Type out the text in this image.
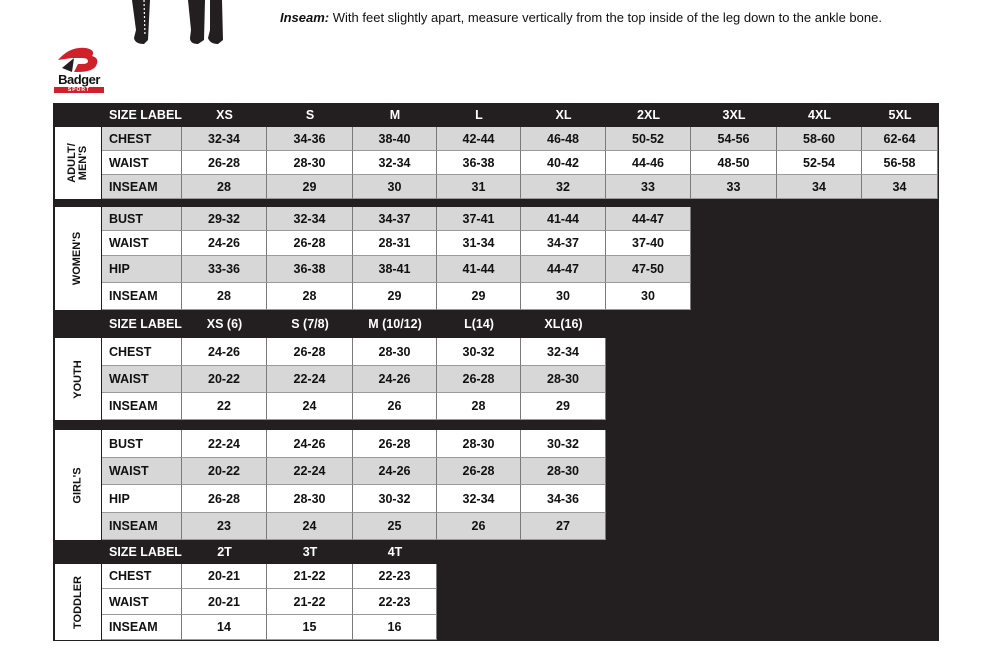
Inseam: With feet slightly apart, measure vertically from the top inside of the leg down to the ankle bone.
Badger
SPORT
SIZE LABEL	XS	S	M	L	XL	2XL	3XL	4XL	5XL
ADULT/
MEN'S
CHEST	32-34	34-36	38-40	42-44	46-48	50-52	54-56	58-60	62-64
WAIST	26-28	28-30	32-34	36-38	40-42	44-46	48-50	52-54	56-58
INSEAM	28	29	30	31	32	33	33	34	34
WOMEN'S
BUST	29-32	32-34	34-37	37-41	41-44	44-47
WAIST	24-26	26-28	28-31	31-34	34-37	37-40
HIP	33-36	36-38	38-41	41-44	44-47	47-50
INSEAM	28	28	29	29	30	30
SIZE LABEL	XS (6)	S (7/8)	M (10/12)	L(14)	XL(16)
YOUTH
CHEST	24-26	26-28	28-30	30-32	32-34
WAIST	20-22	22-24	24-26	26-28	28-30
INSEAM	22	24	26	28	29
GIRL'S
BUST	22-24	24-26	26-28	28-30	30-32
WAIST	20-22	22-24	24-26	26-28	28-30
HIP	26-28	28-30	30-32	32-34	34-36
INSEAM	23	24	25	26	27
SIZE LABEL	2T	3T	4T
TODDLER	CHEST	20-21	21-22	22-23
WAIST	20-21	21-22	22-23
INSEAM	14	15	16
